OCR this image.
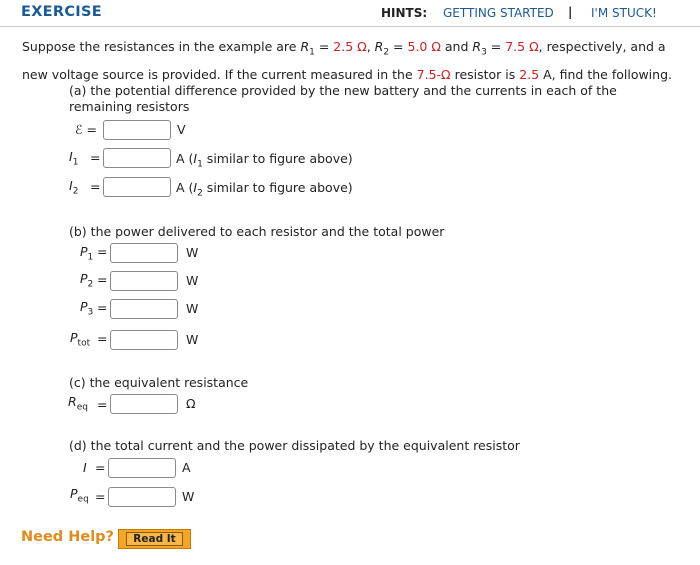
EXERCISE	HINTS: GETTING STARTED | I'M STUCK!
Suppose the resistances in the example are $R_1 = 2.5$ Ω, $R_2 = 5.0$ Ω and $R_3 = 7.5$ Ω, respectively, and a new voltage source is provided. If the current measured in the 7.5-Ω resistor is 2.5 A, find the following.
(a) the potential difference provided by the new battery and the currents in each of the remaining resistors
ℰ =	V
$I_1$ =	A ($I_1$ similar to figure above)
$I_2$ =	A ($I_2$ similar to figure above)
(b) the power delivered to each resistor and the total power
$P_1$ =	W
$P_2$ =	W
$P_3$ =	W
$P_{tot}$ =	W
(c) the equivalent resistance
$R_{eq}$ =	Ω
(d) the total current and the power dissipated by the equivalent resistor
I =	A
$P_{eq}$ =	W
Need Help?	Read It
